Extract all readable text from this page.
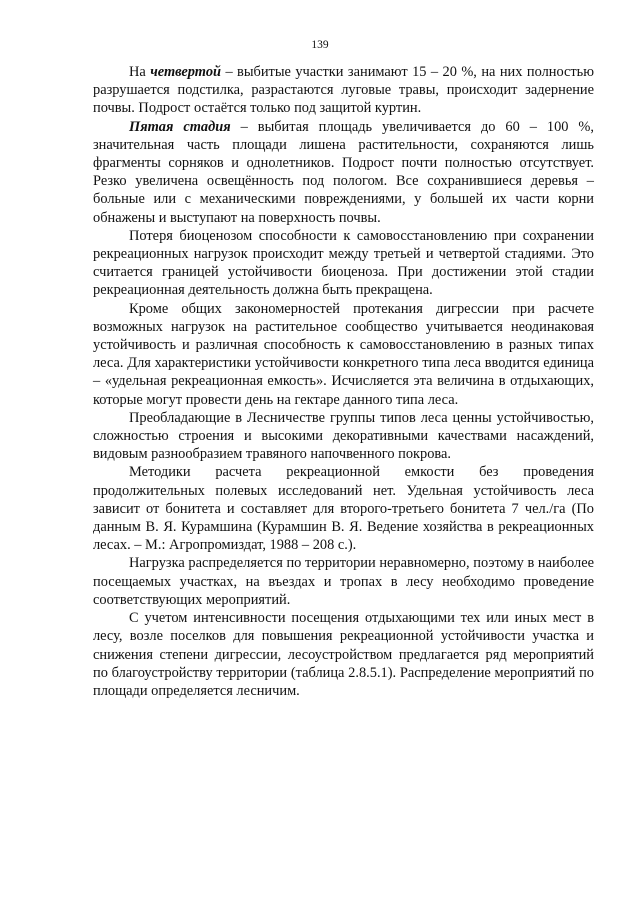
139

На четвертой – выбитые участки занимают 15 – 20 %, на них полностью разрушается подстилка, разрастаются луговые травы, происходит задернение почвы. Подрост остаётся только под защитой куртин.

Пятая стадия – выбитая площадь увеличивается до 60 – 100 %, значительная часть площади лишена растительности, сохраняются лишь фрагменты сорняков и однолетников. Подрост почти полностью отсутствует. Резко увеличена освещённость под пологом. Все сохранившиеся деревья – больные или с механическими повреждениями, у большей их части корни обнажены и выступают на поверхность почвы.

Потеря биоценозом способности к самовосстановлению при сохранении рекреационных нагрузок происходит между третьей и четвертой стадиями. Это считается границей устойчивости биоценоза. При достижении этой стадии рекреационная деятельность должна быть прекращена.

Кроме общих закономерностей протекания дигрессии при расчете возможных нагрузок на растительное сообщество учитывается неодинаковая устойчивость и различная способность к самовосстановлению в разных типах леса. Для характеристики устойчивости конкретного типа леса вводится единица – «удельная рекреационная емкость». Исчисляется эта величина в отдыхающих, которые могут провести день на гектаре данного типа леса.

Преобладающие в Лесничестве группы типов леса ценны устойчивостью, сложностью строения и высокими декоративными качествами насаждений, видовым разнообразием травяного напочвенного покрова.

Методики расчета рекреационной емкости без проведения продолжительных полевых исследований нет. Удельная устойчивость леса зависит от бонитета и составляет для второго-третьего бонитета 7 чел./га (По данным В. Я. Курамшина (Курамшин В. Я. Ведение хозяйства в рекреационных лесах. – М.: Агропромиздат, 1988 – 208 с.).

Нагрузка распределяется по территории неравномерно, поэтому в наиболее посещаемых участках, на въездах и тропах в лесу необходимо проведение соответствующих мероприятий.

С учетом интенсивности посещения отдыхающими тех или иных мест в лесу, возле поселков для повышения рекреационной устойчивости участка и снижения степени дигрессии, лесоустройством предлагается ряд мероприятий по благоустройству территории (таблица 2.8.5.1). Распределение мероприятий по площади определяется лесничим.
